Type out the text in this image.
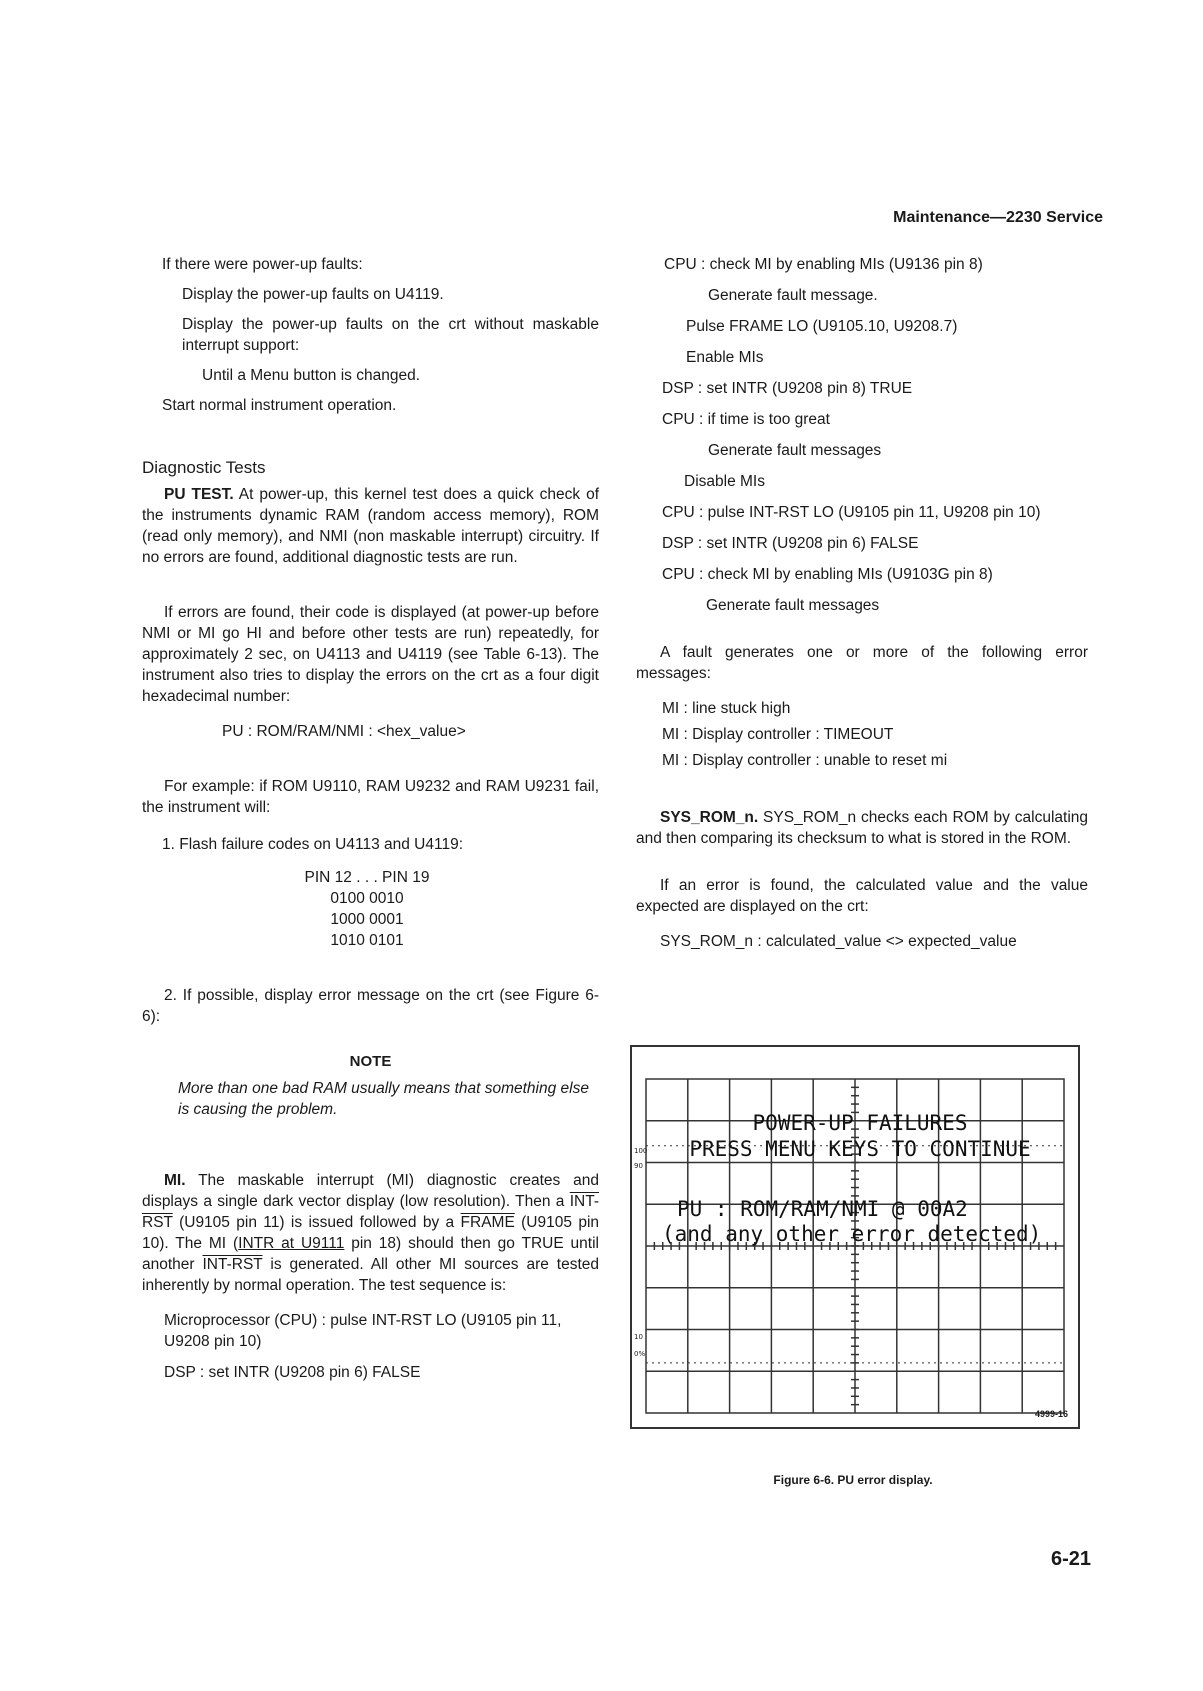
Maintenance—2230 Service

If there were power-up faults:

Display the power-up faults on U4119.

Display the power-up faults on the crt without maskable interrupt support:

Until a Menu button is changed.

Start normal instrument operation.

Diagnostic Tests

PU TEST. At power-up, this kernel test does a quick check of the instruments dynamic RAM (random access memory), ROM (read only memory), and NMI (non maskable interrupt) circuitry. If no errors are found, additional diagnostic tests are run.

If errors are found, their code is displayed (at power-up before NMI or MI go HI and before other tests are run) repeatedly, for approximately 2 sec, on U4113 and U4119 (see Table 6-13). The instrument also tries to display the errors on the crt as a four digit hexadecimal number:

PU : ROM/RAM/NMI : <hex_value>

For example: if ROM U9110, RAM U9232 and RAM U9231 fail, the instrument will:

1. Flash failure codes on U4113 and U4119:

PIN 12 . . . PIN 19
0100 0010
1000 0001
1010 0101

2. If possible, display error message on the crt (see Figure 6-6):

NOTE

More than one bad RAM usually means that something else is causing the problem.

MI. The maskable interrupt (MI) diagnostic creates and displays a single dark vector display (low resolution). Then a INT-RST (U9105 pin 11) is issued followed by a FRAME (U9105 pin 10). The MI (INTR at U9111 pin 18) should then go TRUE until another INT-RST is generated. All other MI sources are tested inherently by normal operation. The test sequence is:

Microprocessor (CPU) : pulse INT-RST LO (U9105 pin 11, U9208 pin 10)

DSP : set INTR (U9208 pin 6) FALSE

CPU : check MI by enabling MIs (U9136 pin 8)

Generate fault message.

Pulse FRAME LO (U9105.10, U9208.7)

Enable MIs

DSP : set INTR (U9208 pin 8) TRUE

CPU : if time is too great

Generate fault messages

Disable MIs

CPU : pulse INT-RST LO (U9105 pin 11, U9208 pin 10)

DSP : set INTR (U9208 pin 6) FALSE

CPU : check MI by enabling MIs (U9103G pin 8)

Generate fault messages

A fault generates one or more of the following error messages:

MI : line stuck high

MI : Display controller : TIMEOUT

MI : Display controller : unable to reset mi

SYS_ROM_n. SYS_ROM_n checks each ROM by calculating and then comparing its checksum to what is stored in the ROM.

If an error is found, the calculated value and the value expected are displayed on the crt:

SYS_ROM_n : calculated_value <> expected_value

POWER-UP FAILURES
PRESS MENU KEYS TO CONTINUE
PU : ROM/RAM/NMI @ 00A2
(and any other error detected)
100
90
10
0%
4999-16
Figure 6-6. PU error display.
6-21
